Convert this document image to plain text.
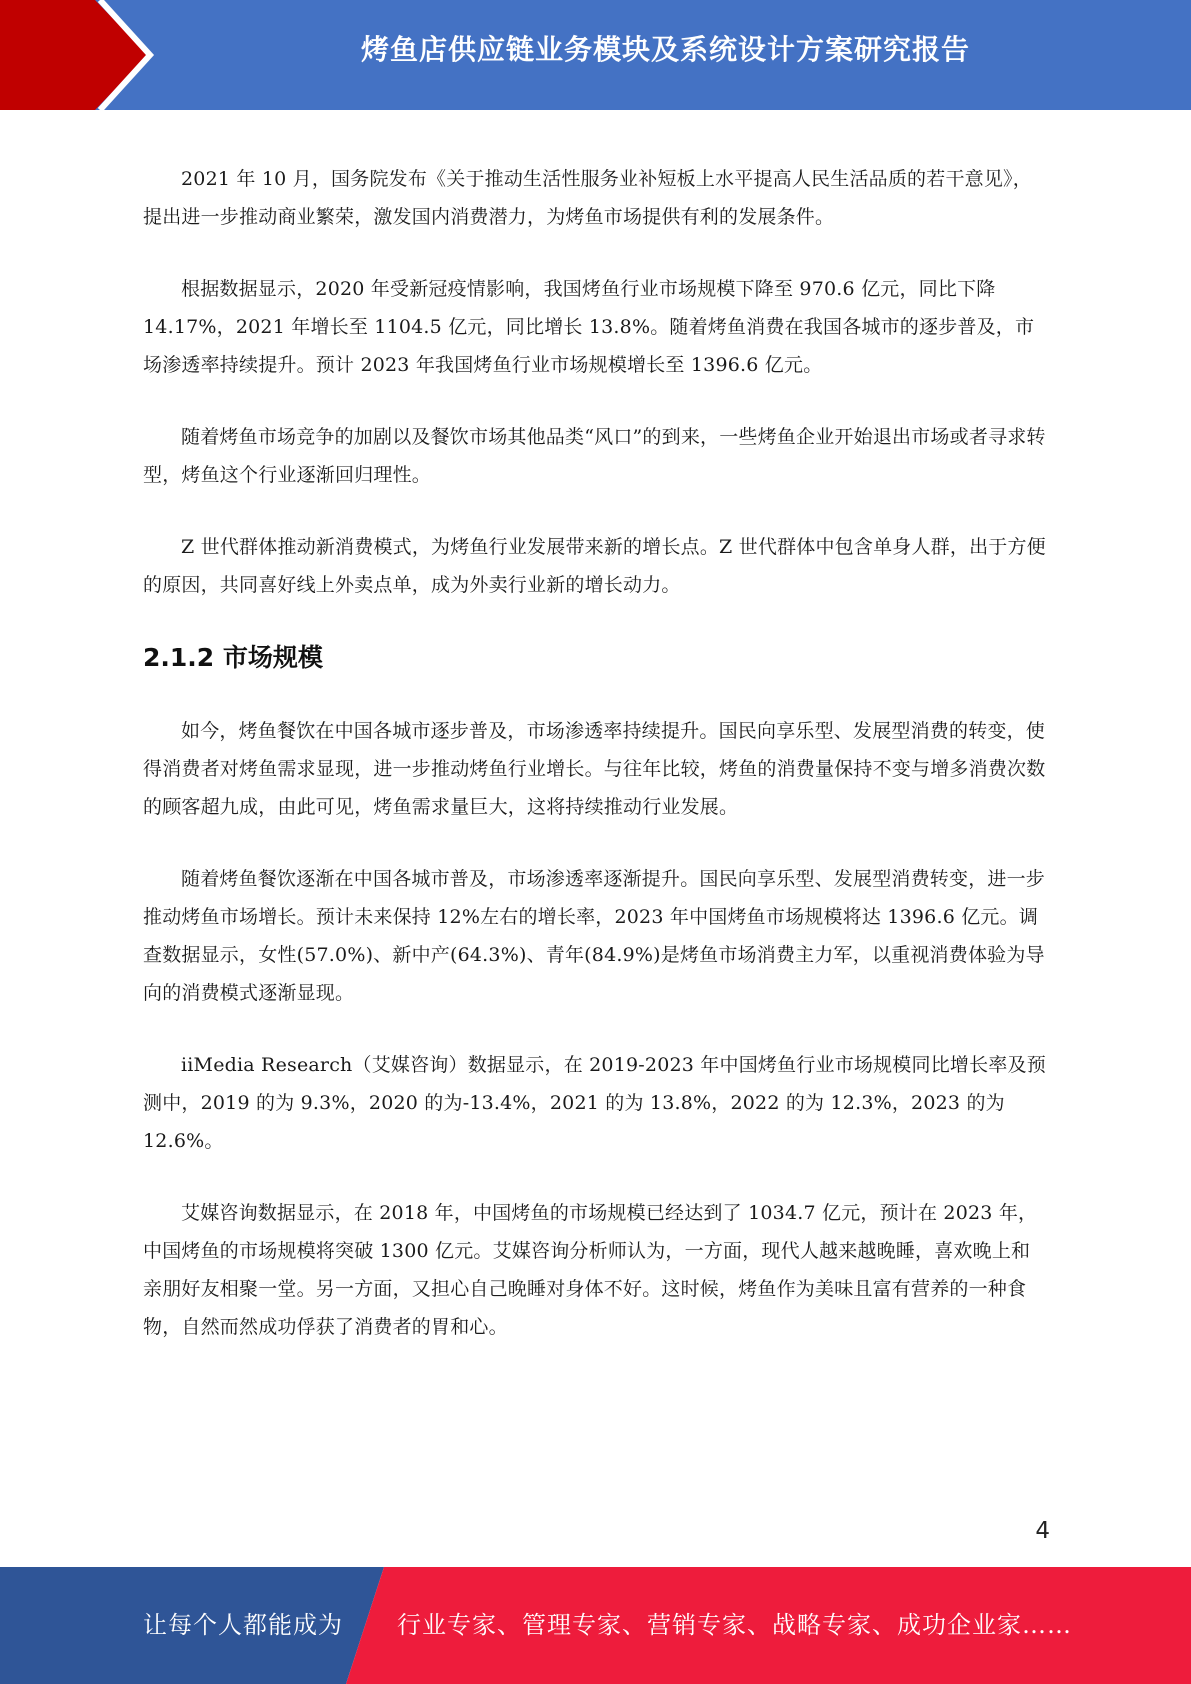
烤鱼店供应链业务模块及系统设计方案研究报告

2021 年 10 月，国务院发布《关于推动生活性服务业补短板上水平提高人民生活品质的若干意见》，提出进一步推动商业繁荣，激发国内消费潜力，为烤鱼市场提供有利的发展条件。

根据数据显示，2020 年受新冠疫情影响，我国烤鱼行业市场规模下降至 970.6 亿元，同比下降 14.17%，2021 年增长至 1104.5 亿元，同比增长 13.8%。随着烤鱼消费在我国各城市的逐步普及，市场渗透率持续提升。预计 2023 年我国烤鱼行业市场规模增长至 1396.6 亿元。

随着烤鱼市场竞争的加剧以及餐饮市场其他品类“风口”的到来，一些烤鱼企业开始退出市场或者寻求转型，烤鱼这个行业逐渐回归理性。

Z 世代群体推动新消费模式，为烤鱼行业发展带来新的增长点。Z 世代群体中包含单身人群，出于方便的原因，共同喜好线上外卖点单，成为外卖行业新的增长动力。

2.1.2 市场规模

如今，烤鱼餐饮在中国各城市逐步普及，市场渗透率持续提升。国民向享乐型、发展型消费的转变，使得消费者对烤鱼需求显现，进一步推动烤鱼行业增长。与往年比较，烤鱼的消费量保持不变与增多消费次数的顾客超九成，由此可见，烤鱼需求量巨大，这将持续推动行业发展。

随着烤鱼餐饮逐渐在中国各城市普及，市场渗透率逐渐提升。国民向享乐型、发展型消费转变，进一步推动烤鱼市场增长。预计未来保持 12%左右的增长率，2023 年中国烤鱼市场规模将达 1396.6 亿元。调查数据显示，女性(57.0%)、新中产(64.3%)、青年(84.9%)是烤鱼市场消费主力军，以重视消费体验为导向的消费模式逐渐显现。

iiMedia Research（艾媒咨询）数据显示，在 2019-2023 年中国烤鱼行业市场规模同比增长率及预测中，2019 的为 9.3%，2020 的为-13.4%，2021 的为 13.8%，2022 的为 12.3%，2023 的为 12.6%。

艾媒咨询数据显示，在 2018 年，中国烤鱼的市场规模已经达到了 1034.7 亿元，预计在 2023 年，中国烤鱼的市场规模将突破 1300 亿元。艾媒咨询分析师认为，一方面，现代人越来越晚睡，喜欢晚上和亲朋好友相聚一堂。另一方面，又担心自己晚睡对身体不好。这时候，烤鱼作为美味且富有营养的一种食物，自然而然成功俘获了消费者的胃和心。

4
让每个人都能成为 行业专家、管理专家、营销专家、战略专家、成功企业家……
